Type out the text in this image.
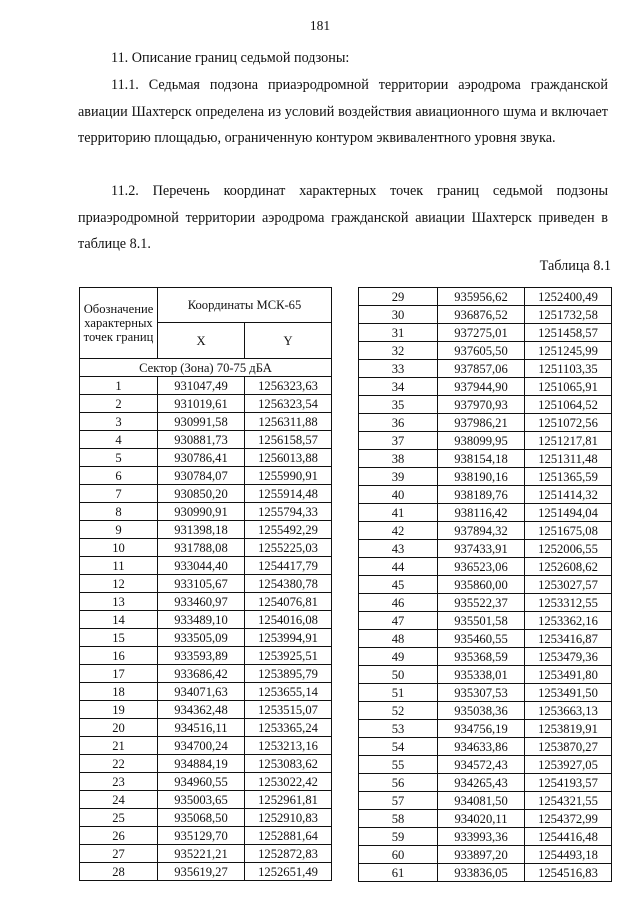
181

11. Описание границ седьмой подзоны:

11.1. Седьмая подзона приаэродромной территории аэродрома гражданской авиации Шахтерск определена из условий воздействия авиационного шума и включает территорию площадью, ограниченную контуром эквивалентного уровня звука.

11.2. Перечень координат характерных точек границ седьмой подзоны приаэродромной территории аэродрома гражданской авиации Шахтерск приведен в таблице 8.1.

Таблица 8.1
Обозначение характерных точек границ	Координаты МСК-65	
	X	Y
Сектор (Зона) 70-75 дБА		
1	931047,49	1256323,63
2	931019,61	1256323,54
3	930991,58	1256311,88
4	930881,73	1256158,57
5	930786,41	1256013,88
6	930784,07	1255990,91
7	930850,20	1255914,48
8	930990,91	1255794,33
9	931398,18	1255492,29
10	931788,08	1255225,03
11	933044,40	1254417,79
12	933105,67	1254380,78
13	933460,97	1254076,81
14	933489,10	1254016,08
15	933505,09	1253994,91
16	933593,89	1253925,51
17	933686,42	1253895,79
18	934071,63	1253655,14
19	934362,48	1253515,07
20	934516,11	1253365,24
21	934700,24	1253213,16
22	934884,19	1253083,62
23	934960,55	1253022,42
24	935003,65	1252961,81
25	935068,50	1252910,83
26	935129,70	1252881,64
27	935221,21	1252872,83
28	935619,27	1252651,49
29	935956,62	1252400,49
30	936876,52	1251732,58
31	937275,01	1251458,57
32	937605,50	1251245,99
33	937857,06	1251103,35
34	937944,90	1251065,91
35	937970,93	1251064,52
36	937986,21	1251072,56
37	938099,95	1251217,81
38	938154,18	1251311,48
39	938190,16	1251365,59
40	938189,76	1251414,32
41	938116,42	1251494,04
42	937894,32	1251675,08
43	937433,91	1252006,55
44	936523,06	1252608,62
45	935860,00	1253027,57
46	935522,37	1253312,55
47	935501,58	1253362,16
48	935460,55	1253416,87
49	935368,59	1253479,36
50	935338,01	1253491,80
51	935307,53	1253491,50
52	935038,36	1253663,13
53	934756,19	1253819,91
54	934633,86	1253870,27
55	934572,43	1253927,05
56	934265,43	1254193,57
57	934081,50	1254321,55
58	934020,11	1254372,99
59	933993,36	1254416,48
60	933897,20	1254493,18
61	933836,05	1254516,83
